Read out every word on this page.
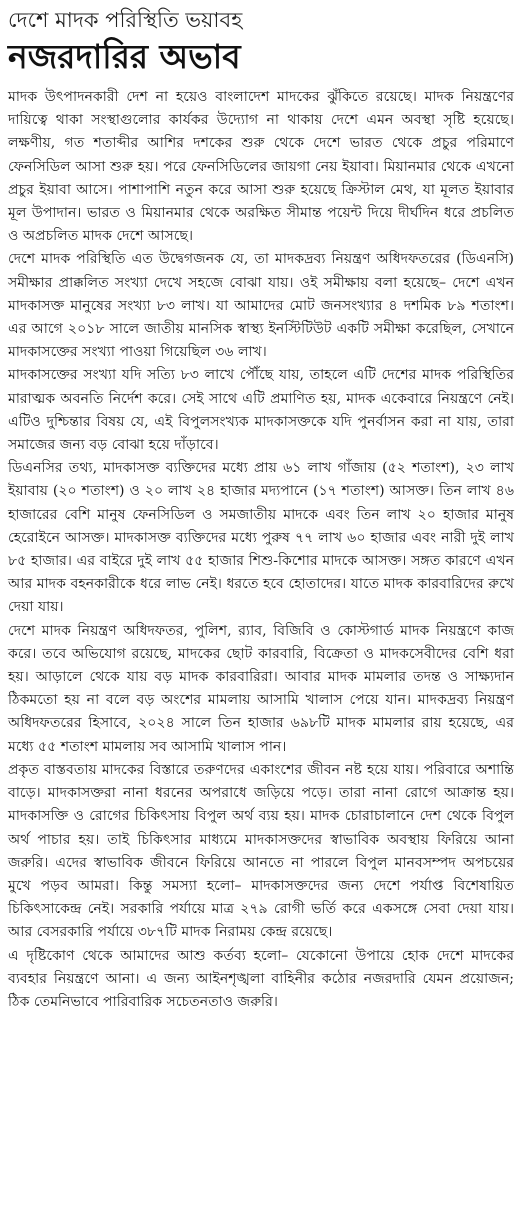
দেশে মাদক পরিস্থিতি ভয়াবহ
নজরদারির অভাব

মাদক উৎপাদনকারী দেশ না হয়েও বাংলাদেশ মাদকের ঝুঁকিতে রয়েছে। মাদক নিয়ন্ত্রণের দায়িত্বে থাকা সংস্থাগুলোর কার্যকর উদ্যোগ না থাকায় দেশে এমন অবস্থা সৃষ্টি হয়েছে। লক্ষণীয়, গত শতাব্দীর আশির দশকের শুরু থেকে দেশে ভারত থেকে প্রচুর পরিমাণে ফেনসিডিল আসা শুরু হয়। পরে ফেনসিডিলের জায়গা নেয় ইয়াবা। মিয়ানমার থেকে এখনো প্রচুর ইয়াবা আসে। পাশাপাশি নতুন করে আসা শুরু হয়েছে ক্রিস্টাল মেথ, যা মূলত ইয়াবার মূল উপাদান। ভারত ও মিয়ানমার থেকে অরক্ষিত সীমান্ত পয়েন্ট দিয়ে দীর্ঘদিন ধরে প্রচলিত ও অপ্রচলিত মাদক দেশে আসছে।

দেশে মাদক পরিস্থিতি এত উদ্বেগজনক যে, তা মাদকদ্রব্য নিয়ন্ত্রণ অধিদফতরের (ডিএনসি) সমীক্ষার প্রাক্কলিত সংখ্যা দেখে সহজে বোঝা যায়। ওই সমীক্ষায় বলা হয়েছে– দেশে এখন মাদকাসক্ত মানুষের সংখ্যা ৮৩ লাখ। যা আমাদের মোট জনসংখ্যার ৪ দশমিক ৮৯ শতাংশ। এর আগে ২০১৮ সালে জাতীয় মানসিক স্বাস্থ্য ইনস্টিটিউট একটি সমীক্ষা করেছিল, সেখানে মাদকাসক্তের সংখ্যা পাওয়া গিয়েছিল ৩৬ লাখ।

মাদকাসক্তের সংখ্যা যদি সত্যি ৮৩ লাখে পৌঁছে যায়, তাহলে এটি দেশের মাদক পরিস্থিতির মারাত্মক অবনতি নির্দেশ করে। সেই সাথে এটি প্রমাণিত হয়, মাদক একেবারে নিয়ন্ত্রণে নেই। এটিও দুশ্চিন্তার বিষয় যে, এই বিপুলসংখ্যক মাদকাসক্তকে যদি পুনর্বাসন করা না যায়, তারা সমাজের জন্য বড় বোঝা হয়ে দাঁড়াবে।

ডিএনসির তথ্য, মাদকাসক্ত ব্যক্তিদের মধ্যে প্রায় ৬১ লাখ গাঁজায় (৫২ শতাংশ), ২৩ লাখ ইয়াবায় (২০ শতাংশ) ও ২০ লাখ ২৪ হাজার মদ্যপানে (১৭ শতাংশ) আসক্ত। তিন লাখ ৪৬ হাজারের বেশি মানুষ ফেনসিডিল ও সমজাতীয় মাদকে এবং তিন লাখ ২০ হাজার মানুষ হেরোইনে আসক্ত। মাদকাসক্ত ব্যক্তিদের মধ্যে পুরুষ ৭৭ লাখ ৬০ হাজার এবং নারী দুই লাখ ৮৫ হাজার। এর বাইরে দুই লাখ ৫৫ হাজার শিশু-কিশোর মাদকে আসক্ত। সঙ্গত কারণে এখন আর মাদক বহনকারীকে ধরে লাভ নেই। ধরতে হবে হোতাদের। যাতে মাদক কারবারিদের রুখে দেয়া যায়।

দেশে মাদক নিয়ন্ত্রণ অধিদফতর, পুলিশ, র‍্যাব, বিজিবি ও কোস্টগার্ড মাদক নিয়ন্ত্রণে কাজ করে। তবে অভিযোগ রয়েছে, মাদকের ছোট কারবারি, বিক্রেতা ও মাদকসেবীদের বেশি ধরা হয়। আড়ালে থেকে যায় বড় মাদক কারবারিরা। আবার মাদক মামলার তদন্ত ও সাক্ষ্যদান ঠিকমতো হয় না বলে বড় অংশের মামলায় আসামি খালাস পেয়ে যান। মাদকদ্রব্য নিয়ন্ত্রণ অধিদফতরের হিসাবে, ২০২৪ সালে তিন হাজার ৬৯৮টি মাদক মামলার রায় হয়েছে, এর মধ্যে ৫৫ শতাংশ মামলায় সব আসামি খালাস পান।

প্রকৃত বাস্তবতায় মাদকের বিস্তারে তরুণদের একাংশের জীবন নষ্ট হয়ে যায়। পরিবারে অশান্তি বাড়ে। মাদকাসক্তরা নানা ধরনের অপরাধে জড়িয়ে পড়ে। তারা নানা রোগে আক্রান্ত হয়। মাদকাসক্তি ও রোগের চিকিৎসায় বিপুল অর্থ ব্যয় হয়। মাদক চোরাচালানে দেশ থেকে বিপুল অর্থ পাচার হয়। তাই চিকিৎসার মাধ্যমে মাদকাসক্তদের স্বাভাবিক অবস্থায় ফিরিয়ে আনা জরুরি। এদের স্বাভাবিক জীবনে ফিরিয়ে আনতে না পারলে বিপুল মানবসম্পদ অপচয়ের মুখে পড়ব আমরা। কিন্তু সমস্যা হলো– মাদকাসক্তদের জন্য দেশে পর্যাপ্ত বিশেষায়িত চিকিৎসাকেন্দ্র নেই। সরকারি পর্যায়ে মাত্র ২৭৯ রোগী ভর্তি করে একসঙ্গে সেবা দেয়া যায়। আর বেসরকারি পর্যায়ে ৩৮৭টি মাদক নিরাময় কেন্দ্র রয়েছে।

এ দৃষ্টিকোণ থেকে আমাদের আশু কর্তব্য হলো– যেকোনো উপায়ে হোক দেশে মাদকের ব্যবহার নিয়ন্ত্রণে আনা। এ জন্য আইনশৃঙ্খলা বাহিনীর কঠোর নজরদারি যেমন প্রয়োজন; ঠিক তেমনিভাবে পারিবারিক সচেতনতাও জরুরি।
